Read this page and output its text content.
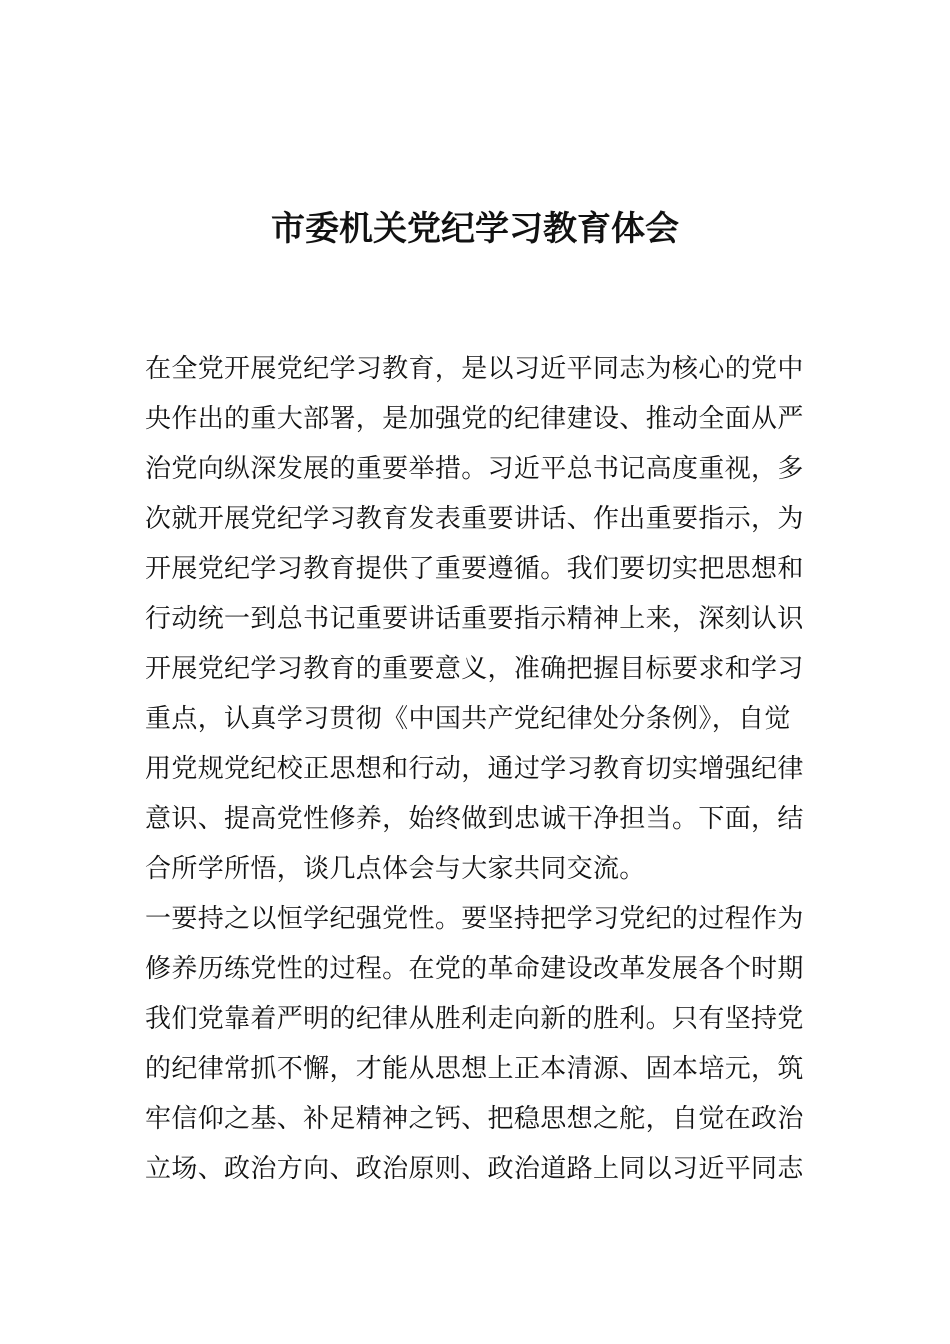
市委机关党纪学习教育体会
在全党开展党纪学习教育，是以习近平同志为核心的党中
央作出的重大部署，是加强党的纪律建设、推动全面从严
治党向纵深发展的重要举措。习近平总书记高度重视，多
次就开展党纪学习教育发表重要讲话、作出重要指示，为
开展党纪学习教育提供了重要遵循。我们要切实把思想和
行动统一到总书记重要讲话重要指示精神上来，深刻认识
开展党纪学习教育的重要意义，准确把握目标要求和学习
重点，认真学习贯彻《中国共产党纪律处分条例》，自觉
用党规党纪校正思想和行动，通过学习教育切实增强纪律
意识、提高党性修养，始终做到忠诚干净担当。下面，结
合所学所悟，谈几点体会与大家共同交流。
一要持之以恒学纪强党性。要坚持把学习党纪的过程作为
修养历练党性的过程。在党的革命建设改革发展各个时期
我们党靠着严明的纪律从胜利走向新的胜利。只有坚持党
的纪律常抓不懈，才能从思想上正本清源、固本培元，筑
牢信仰之基、补足精神之钙、把稳思想之舵，自觉在政治
立场、政治方向、政治原则、政治道路上同以习近平同志
